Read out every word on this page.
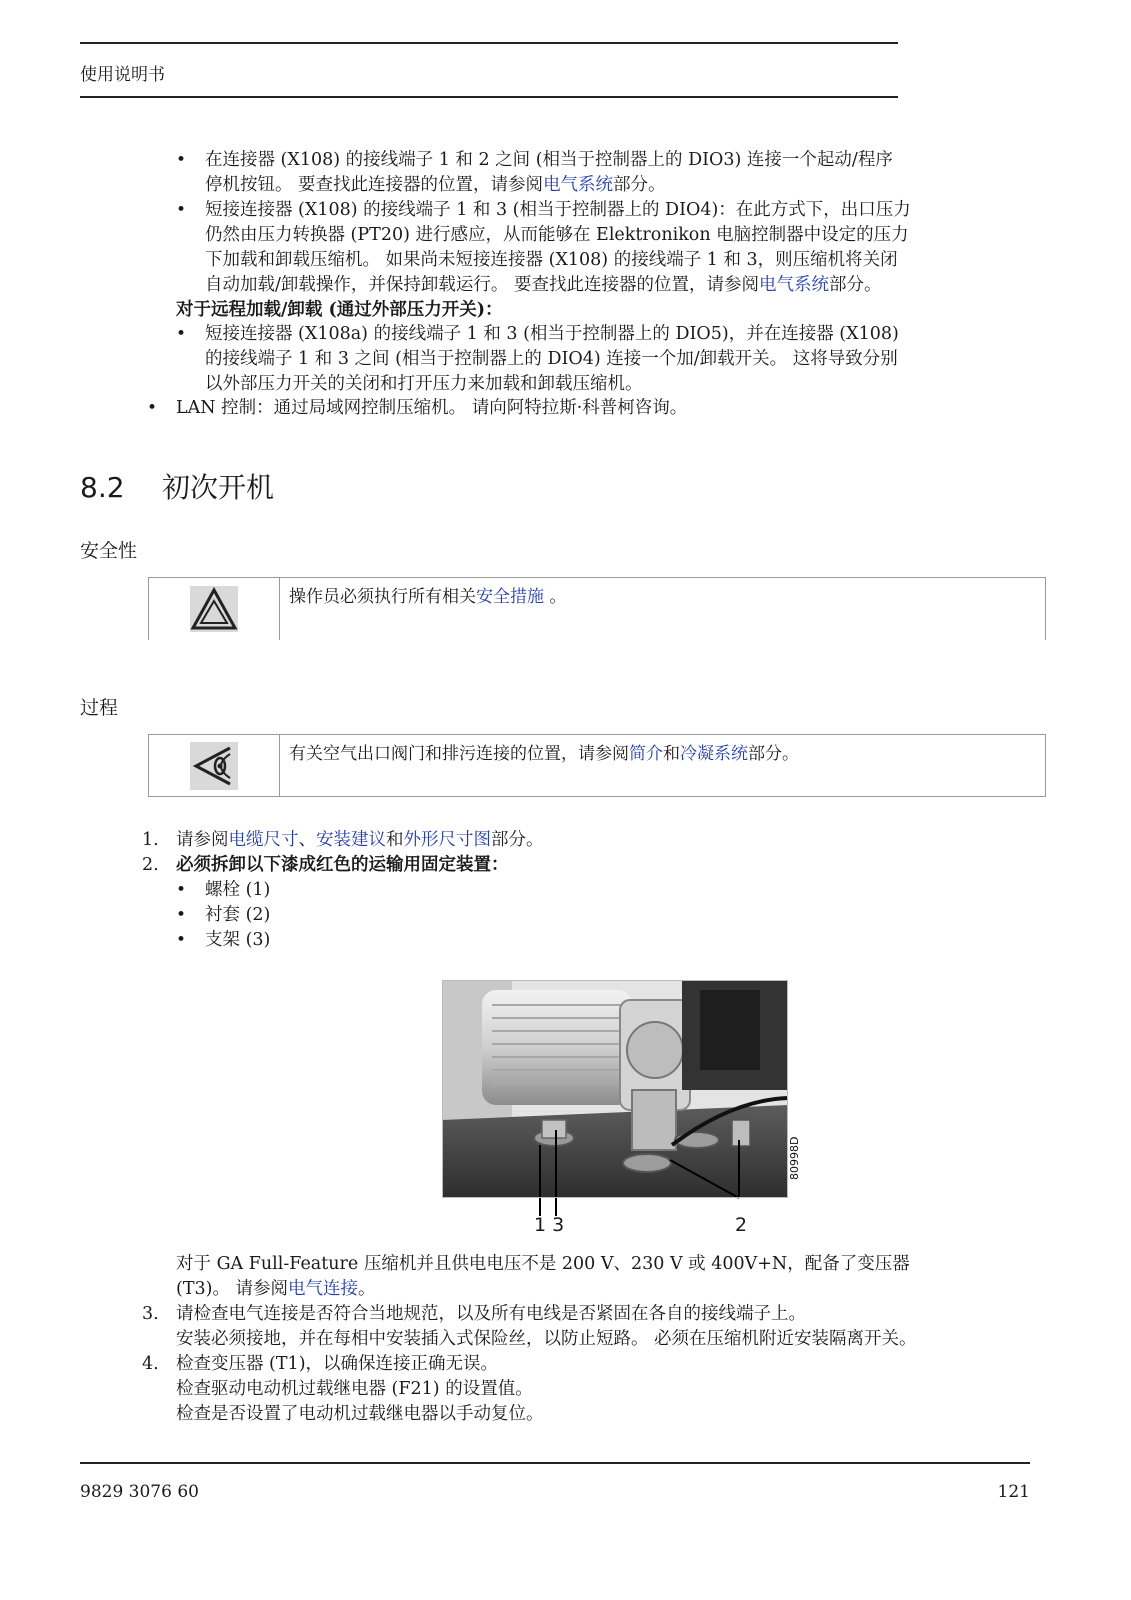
使用说明书
• 在连接器 (X108) 的接线端子 1 和 2 之间 (相当于控制器上的 DIO3) 连接一个起动/程序
停机按钮。 要查找此连接器的位置，请参阅电气系统部分。
• 短接连接器 (X108) 的接线端子 1 和 3 (相当于控制器上的 DIO4)：在此方式下，出口压力
仍然由压力转换器 (PT20) 进行感应，从而能够在 Elektronikon 电脑控制器中设定的压力
下加载和卸载压缩机。 如果尚未短接连接器 (X108) 的接线端子 1 和 3，则压缩机将关闭
自动加载/卸载操作，并保持卸载运行。 要查找此连接器的位置，请参阅电气系统部分。
对于远程加载/卸载 (通过外部压力开关)：
• 短接连接器 (X108a) 的接线端子 1 和 3 (相当于控制器上的 DIO5)，并在连接器 (X108)
的接线端子 1 和 3 之间 (相当于控制器上的 DIO4) 连接一个加/卸载开关。 这将导致分别
以外部压力开关的关闭和打开压力来加载和卸载压缩机。
• LAN 控制：通过局域网控制压缩机。 请向阿特拉斯·科普柯咨询。
8.2 初次开机
安全性
操作员必须执行所有相关安全措施 。
过程
有关空气出口阀门和排污连接的位置，请参阅简介和冷凝系统部分。
1. 请参阅电缆尺寸、安装建议和外形尺寸图部分。
2. 必须拆卸以下漆成红色的运输用固定装置：
• 螺栓 (1)
• 衬套 (2)
• 支架 (3)
80998D
1 3	2
对于 GA Full-Feature 压缩机并且供电电压不是 200 V、230 V 或 400V+N，配备了变压器
(T3)。 请参阅电气连接。
3. 请检查电气连接是否符合当地规范，以及所有电线是否紧固在各自的接线端子上。
安装必须接地，并在每相中安装插入式保险丝，以防止短路。 必须在压缩机附近安装隔离开关。
4. 检查变压器 (T1)，以确保连接正确无误。
检查驱动电动机过载继电器 (F21) 的设置值。
检查是否设置了电动机过载继电器以手动复位。
9829 3076 60	121
